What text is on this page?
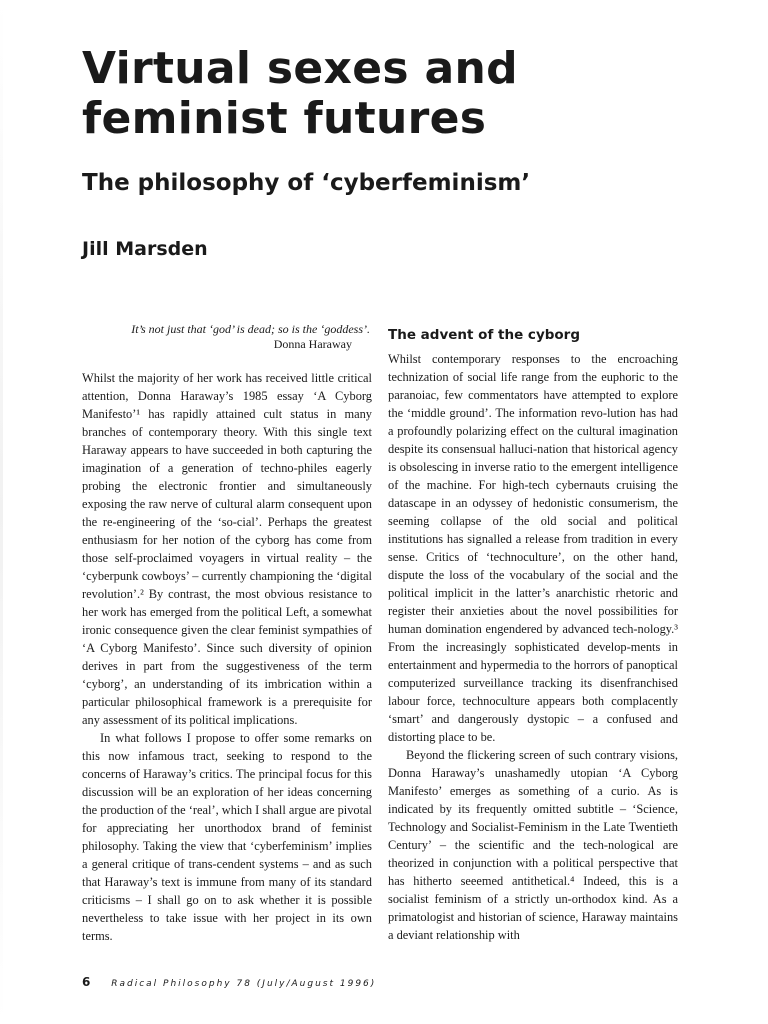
Virtual sexes and feminist futures
The philosophy of ‘cyberfeminism’
Jill Marsden
It’s not just that ‘god’ is dead; so is the ‘goddess’.
Donna Haraway

Whilst the majority of her work has received little critical attention, Donna Haraway’s 1985 essay ‘A Cyborg Manifesto’¹ has rapidly attained cult status in many branches of contemporary theory. With this single text Haraway appears to have succeeded in both capturing the imagination of a generation of techno-philes eagerly probing the electronic frontier and simultaneously exposing the raw nerve of cultural alarm consequent upon the re-engineering of the ‘so-cial’. Perhaps the greatest enthusiasm for her notion of the cyborg has come from those self-proclaimed voyagers in virtual reality – the ‘cyberpunk cowboys’ – currently championing the ‘digital revolution’.² By contrast, the most obvious resistance to her work has emerged from the political Left, a somewhat ironic consequence given the clear feminist sympathies of ‘A Cyborg Manifesto’. Since such diversity of opinion derives in part from the suggestiveness of the term ‘cyborg’, an understanding of its imbrication within a particular philosophical framework is a prerequisite for any assessment of its political implications.

In what follows I propose to offer some remarks on this now infamous tract, seeking to respond to the concerns of Haraway’s critics. The principal focus for this discussion will be an exploration of her ideas concerning the production of the ‘real’, which I shall argue are pivotal for appreciating her unorthodox brand of feminist philosophy. Taking the view that ‘cyberfeminism’ implies a general critique of trans-cendent systems – and as such that Haraway’s text is immune from many of its standard criticisms – I shall go on to ask whether it is possible nevertheless to take issue with her project in its own terms.

The advent of the cyborg

Whilst contemporary responses to the encroaching technization of social life range from the euphoric to the paranoiac, few commentators have attempted to explore the ‘middle ground’. The information revo-lution has had a profoundly polarizing effect on the cultural imagination despite its consensual halluci-nation that historical agency is obsolescing in inverse ratio to the emergent intelligence of the machine. For high-tech cybernauts cruising the datascape in an odyssey of hedonistic consumerism, the seeming collapse of the old social and political institutions has signalled a release from tradition in every sense. Critics of ‘technoculture’, on the other hand, dispute the loss of the vocabulary of the social and the political implicit in the latter’s anarchistic rhetoric and register their anxieties about the novel possibilities for human domination engendered by advanced tech-nology.³ From the increasingly sophisticated develop-ments in entertainment and hypermedia to the horrors of panoptical computerized surveillance tracking its disenfranchised labour force, technoculture appears both complacently ‘smart’ and dangerously dystopic – a confused and distorting place to be.

Beyond the flickering screen of such contrary visions, Donna Haraway’s unashamedly utopian ‘A Cyborg Manifesto’ emerges as something of a curio. As is indicated by its frequently omitted subtitle – ‘Science, Technology and Socialist-Feminism in the Late Twentieth Century’ – the scientific and the tech-nological are theorized in conjunction with a political perspective that has hitherto seeemed antithetical.⁴ Indeed, this is a socialist feminism of a strictly un-orthodox kind. As a primatologist and historian of science, Haraway maintains a deviant relationship with

6 Radical Philosophy 78 (July/August 1996)
